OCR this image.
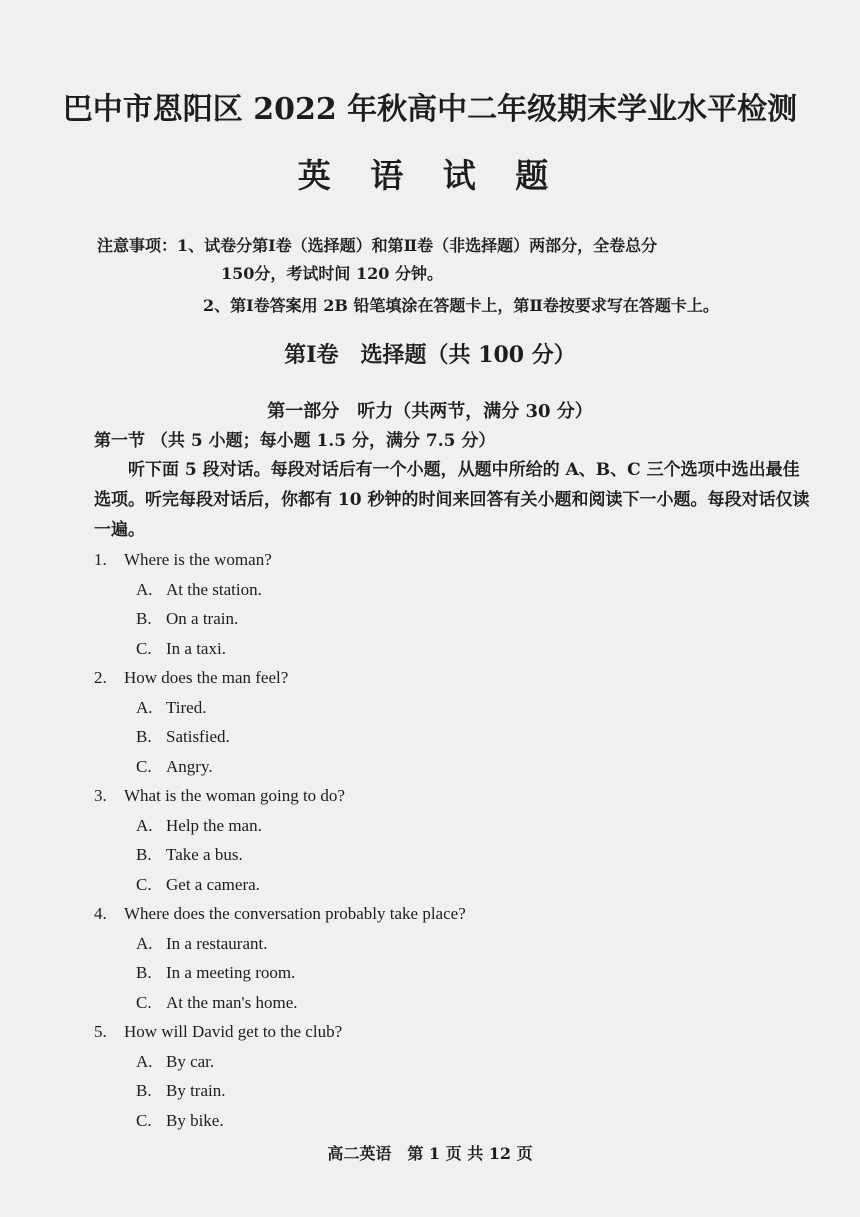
巴中市恩阳区 2022 年秋高中二年级期末学业水平检测
英 语 试 题
注意事项： 1、试卷分第Ⅰ卷（选择题）和第Ⅱ卷（非选择题）两部分，全卷总分
150分，考试时间 120 分钟。
2、第Ⅰ卷答案用 2B 铅笔填涂在答题卡上，第Ⅱ卷按要求写在答题卡上。
第Ⅰ卷　选择题（共 100 分）
第一部分　听力（共两节，满分 30 分）
第一节 （共 5 小题；每小题 1.5 分，满分 7.5 分）
听下面 5 段对话。每段对话后有一个小题，从题中所给的 A、B、C 三个选项中选出最佳选项。听完每段对话后，你都有 10 秒钟的时间来回答有关小题和阅读下一小题。每段对话仅读一遍。
1. Where is the woman?
A. At the station.
B. On a train.
C. In a taxi.
2. How does the man feel?
A. Tired.
B. Satisfied.
C. Angry.
3. What is the woman going to do?
A. Help the man.
B. Take a bus.
C. Get a camera.
4. Where does the conversation probably take place?
A. In a restaurant.
B. In a meeting room.
C. At the man's home.
5. How will David get to the club?
A. By car.
B. By train.
C. By bike.
高二英语　第 1 页 共 12 页
